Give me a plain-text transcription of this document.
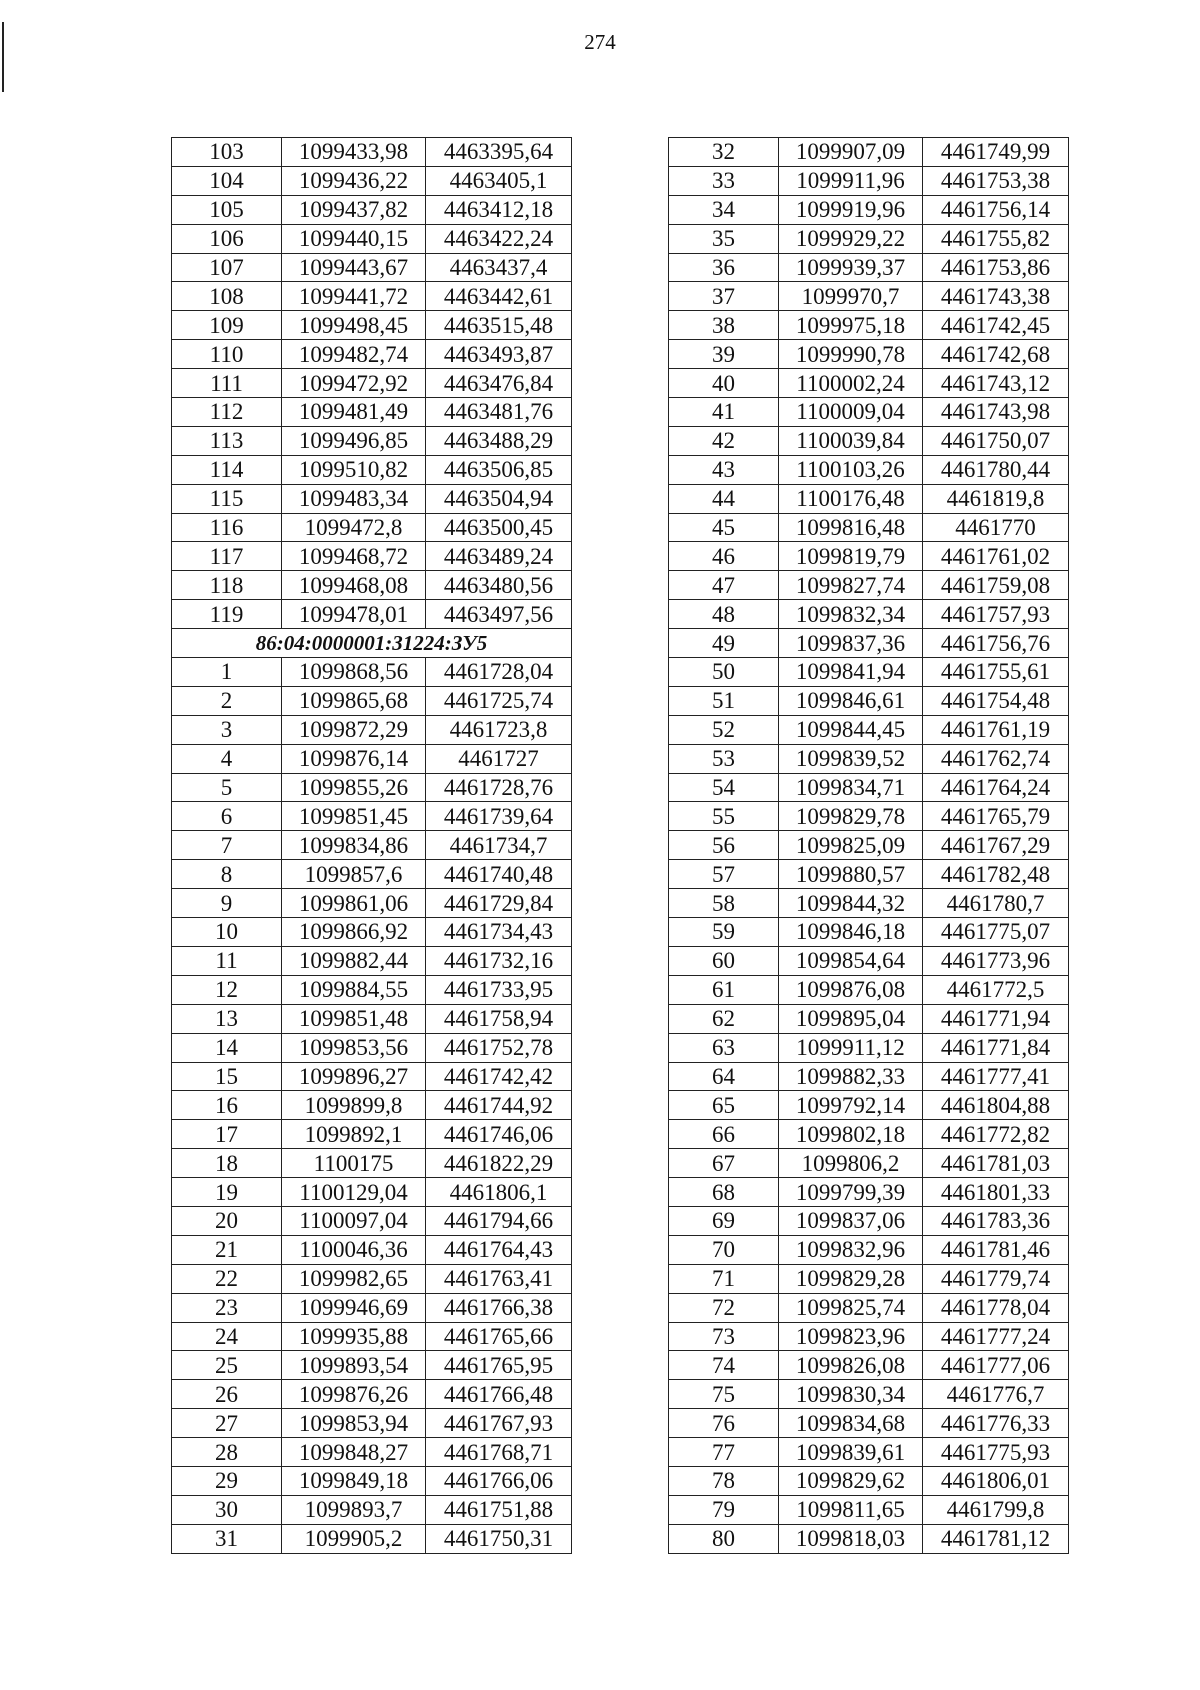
274
103	1099433,98	4463395,64
104	1099436,22	4463405,1
105	1099437,82	4463412,18
106	1099440,15	4463422,24
107	1099443,67	4463437,4
108	1099441,72	4463442,61
109	1099498,45	4463515,48
110	1099482,74	4463493,87
111	1099472,92	4463476,84
112	1099481,49	4463481,76
113	1099496,85	4463488,29
114	1099510,82	4463506,85
115	1099483,34	4463504,94
116	1099472,8	4463500,45
117	1099468,72	4463489,24
118	1099468,08	4463480,56
119	1099478,01	4463497,56
86:04:0000001:31224:ЗУ5		
1	1099868,56	4461728,04
2	1099865,68	4461725,74
3	1099872,29	4461723,8
4	1099876,14	4461727
5	1099855,26	4461728,76
6	1099851,45	4461739,64
7	1099834,86	4461734,7
8	1099857,6	4461740,48
9	1099861,06	4461729,84
10	1099866,92	4461734,43
11	1099882,44	4461732,16
12	1099884,55	4461733,95
13	1099851,48	4461758,94
14	1099853,56	4461752,78
15	1099896,27	4461742,42
16	1099899,8	4461744,92
17	1099892,1	4461746,06
18	1100175	4461822,29
19	1100129,04	4461806,1
20	1100097,04	4461794,66
21	1100046,36	4461764,43
22	1099982,65	4461763,41
23	1099946,69	4461766,38
24	1099935,88	4461765,66
25	1099893,54	4461765,95
26	1099876,26	4461766,48
27	1099853,94	4461767,93
28	1099848,27	4461768,71
29	1099849,18	4461766,06
30	1099893,7	4461751,88
31	1099905,2	4461750,31
32	1099907,09	4461749,99
33	1099911,96	4461753,38
34	1099919,96	4461756,14
35	1099929,22	4461755,82
36	1099939,37	4461753,86
37	1099970,7	4461743,38
38	1099975,18	4461742,45
39	1099990,78	4461742,68
40	1100002,24	4461743,12
41	1100009,04	4461743,98
42	1100039,84	4461750,07
43	1100103,26	4461780,44
44	1100176,48	4461819,8
45	1099816,48	4461770
46	1099819,79	4461761,02
47	1099827,74	4461759,08
48	1099832,34	4461757,93
49	1099837,36	4461756,76
50	1099841,94	4461755,61
51	1099846,61	4461754,48
52	1099844,45	4461761,19
53	1099839,52	4461762,74
54	1099834,71	4461764,24
55	1099829,78	4461765,79
56	1099825,09	4461767,29
57	1099880,57	4461782,48
58	1099844,32	4461780,7
59	1099846,18	4461775,07
60	1099854,64	4461773,96
61	1099876,08	4461772,5
62	1099895,04	4461771,94
63	1099911,12	4461771,84
64	1099882,33	4461777,41
65	1099792,14	4461804,88
66	1099802,18	4461772,82
67	1099806,2	4461781,03
68	1099799,39	4461801,33
69	1099837,06	4461783,36
70	1099832,96	4461781,46
71	1099829,28	4461779,74
72	1099825,74	4461778,04
73	1099823,96	4461777,24
74	1099826,08	4461777,06
75	1099830,34	4461776,7
76	1099834,68	4461776,33
77	1099839,61	4461775,93
78	1099829,62	4461806,01
79	1099811,65	4461799,8
80	1099818,03	4461781,12
